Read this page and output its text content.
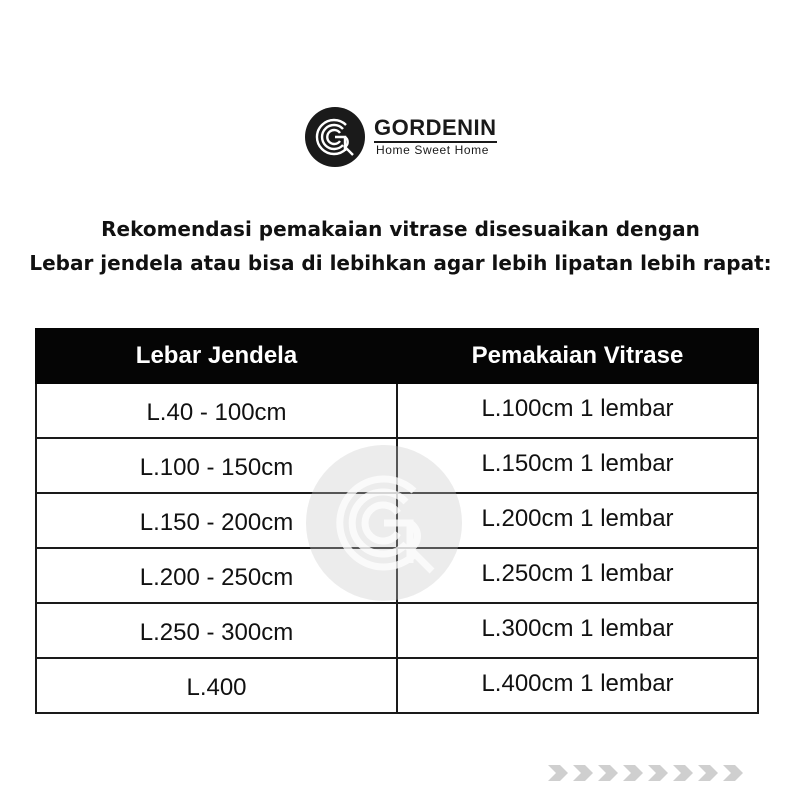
GORDENIN
Home Sweet Home
Rekomendasi pemakaian vitrase disesuaikan dengan
Lebar jendela atau bisa di lebihkan agar lebih lipatan lebih rapat:
Lebar Jendela	Pemakaian Vitrase
L.40 - 100cm	L.100cm 1 lembar
L.100 - 150cm	L.150cm 1 lembar
L.150 - 200cm	L.200cm 1 lembar
L.200 - 250cm	L.250cm 1 lembar
L.250 - 300cm	L.300cm 1 lembar
L.400	L.400cm 1 lembar
